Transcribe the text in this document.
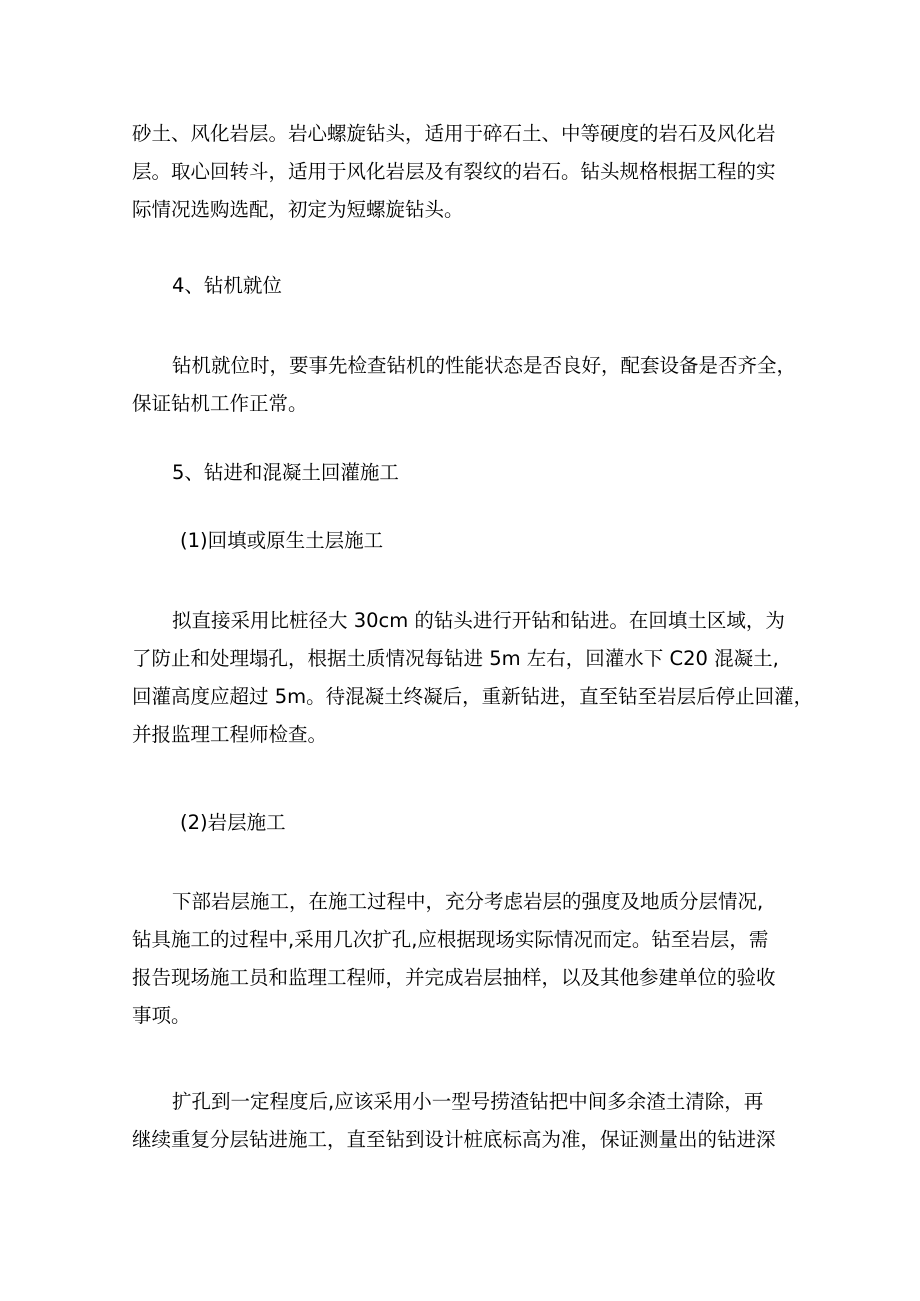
砂土、风化岩层。岩心螺旋钻头，适用于碎石土、中等硬度的岩石及风化岩
层。取心回转斗，适用于风化岩层及有裂纹的岩石。钻头规格根据工程的实
际情况选购选配，初定为短螺旋钻头。
4、钻机就位
钻机就位时，要事先检查钻机的性能状态是否良好，配套设备是否齐全，
保证钻机工作正常。
5、钻进和混凝土回灌施工
(1)回填或原生土层施工
拟直接采用比桩径大 30cm 的钻头进行开钻和钻进。在回填土区域，为
了防止和处理塌孔，根据土质情况每钻进 5m 左右，回灌水下 C20 混凝土,
回灌高度应超过 5m。待混凝土终凝后，重新钻进，直至钻至岩层后停止回灌，
并报监理工程师检查。
(2)岩层施工
下部岩层施工，在施工过程中，充分考虑岩层的强度及地质分层情况,
钻具施工的过程中,采用几次扩孔,应根据现场实际情况而定。钻至岩层，需
报告现场施工员和监理工程师，并完成岩层抽样，以及其他参建单位的验收
事项。
扩孔到一定程度后,应该采用小一型号捞渣钻把中间多余渣土清除，再
继续重复分层钻进施工，直至钻到设计桩底标高为准，保证测量出的钻进深
